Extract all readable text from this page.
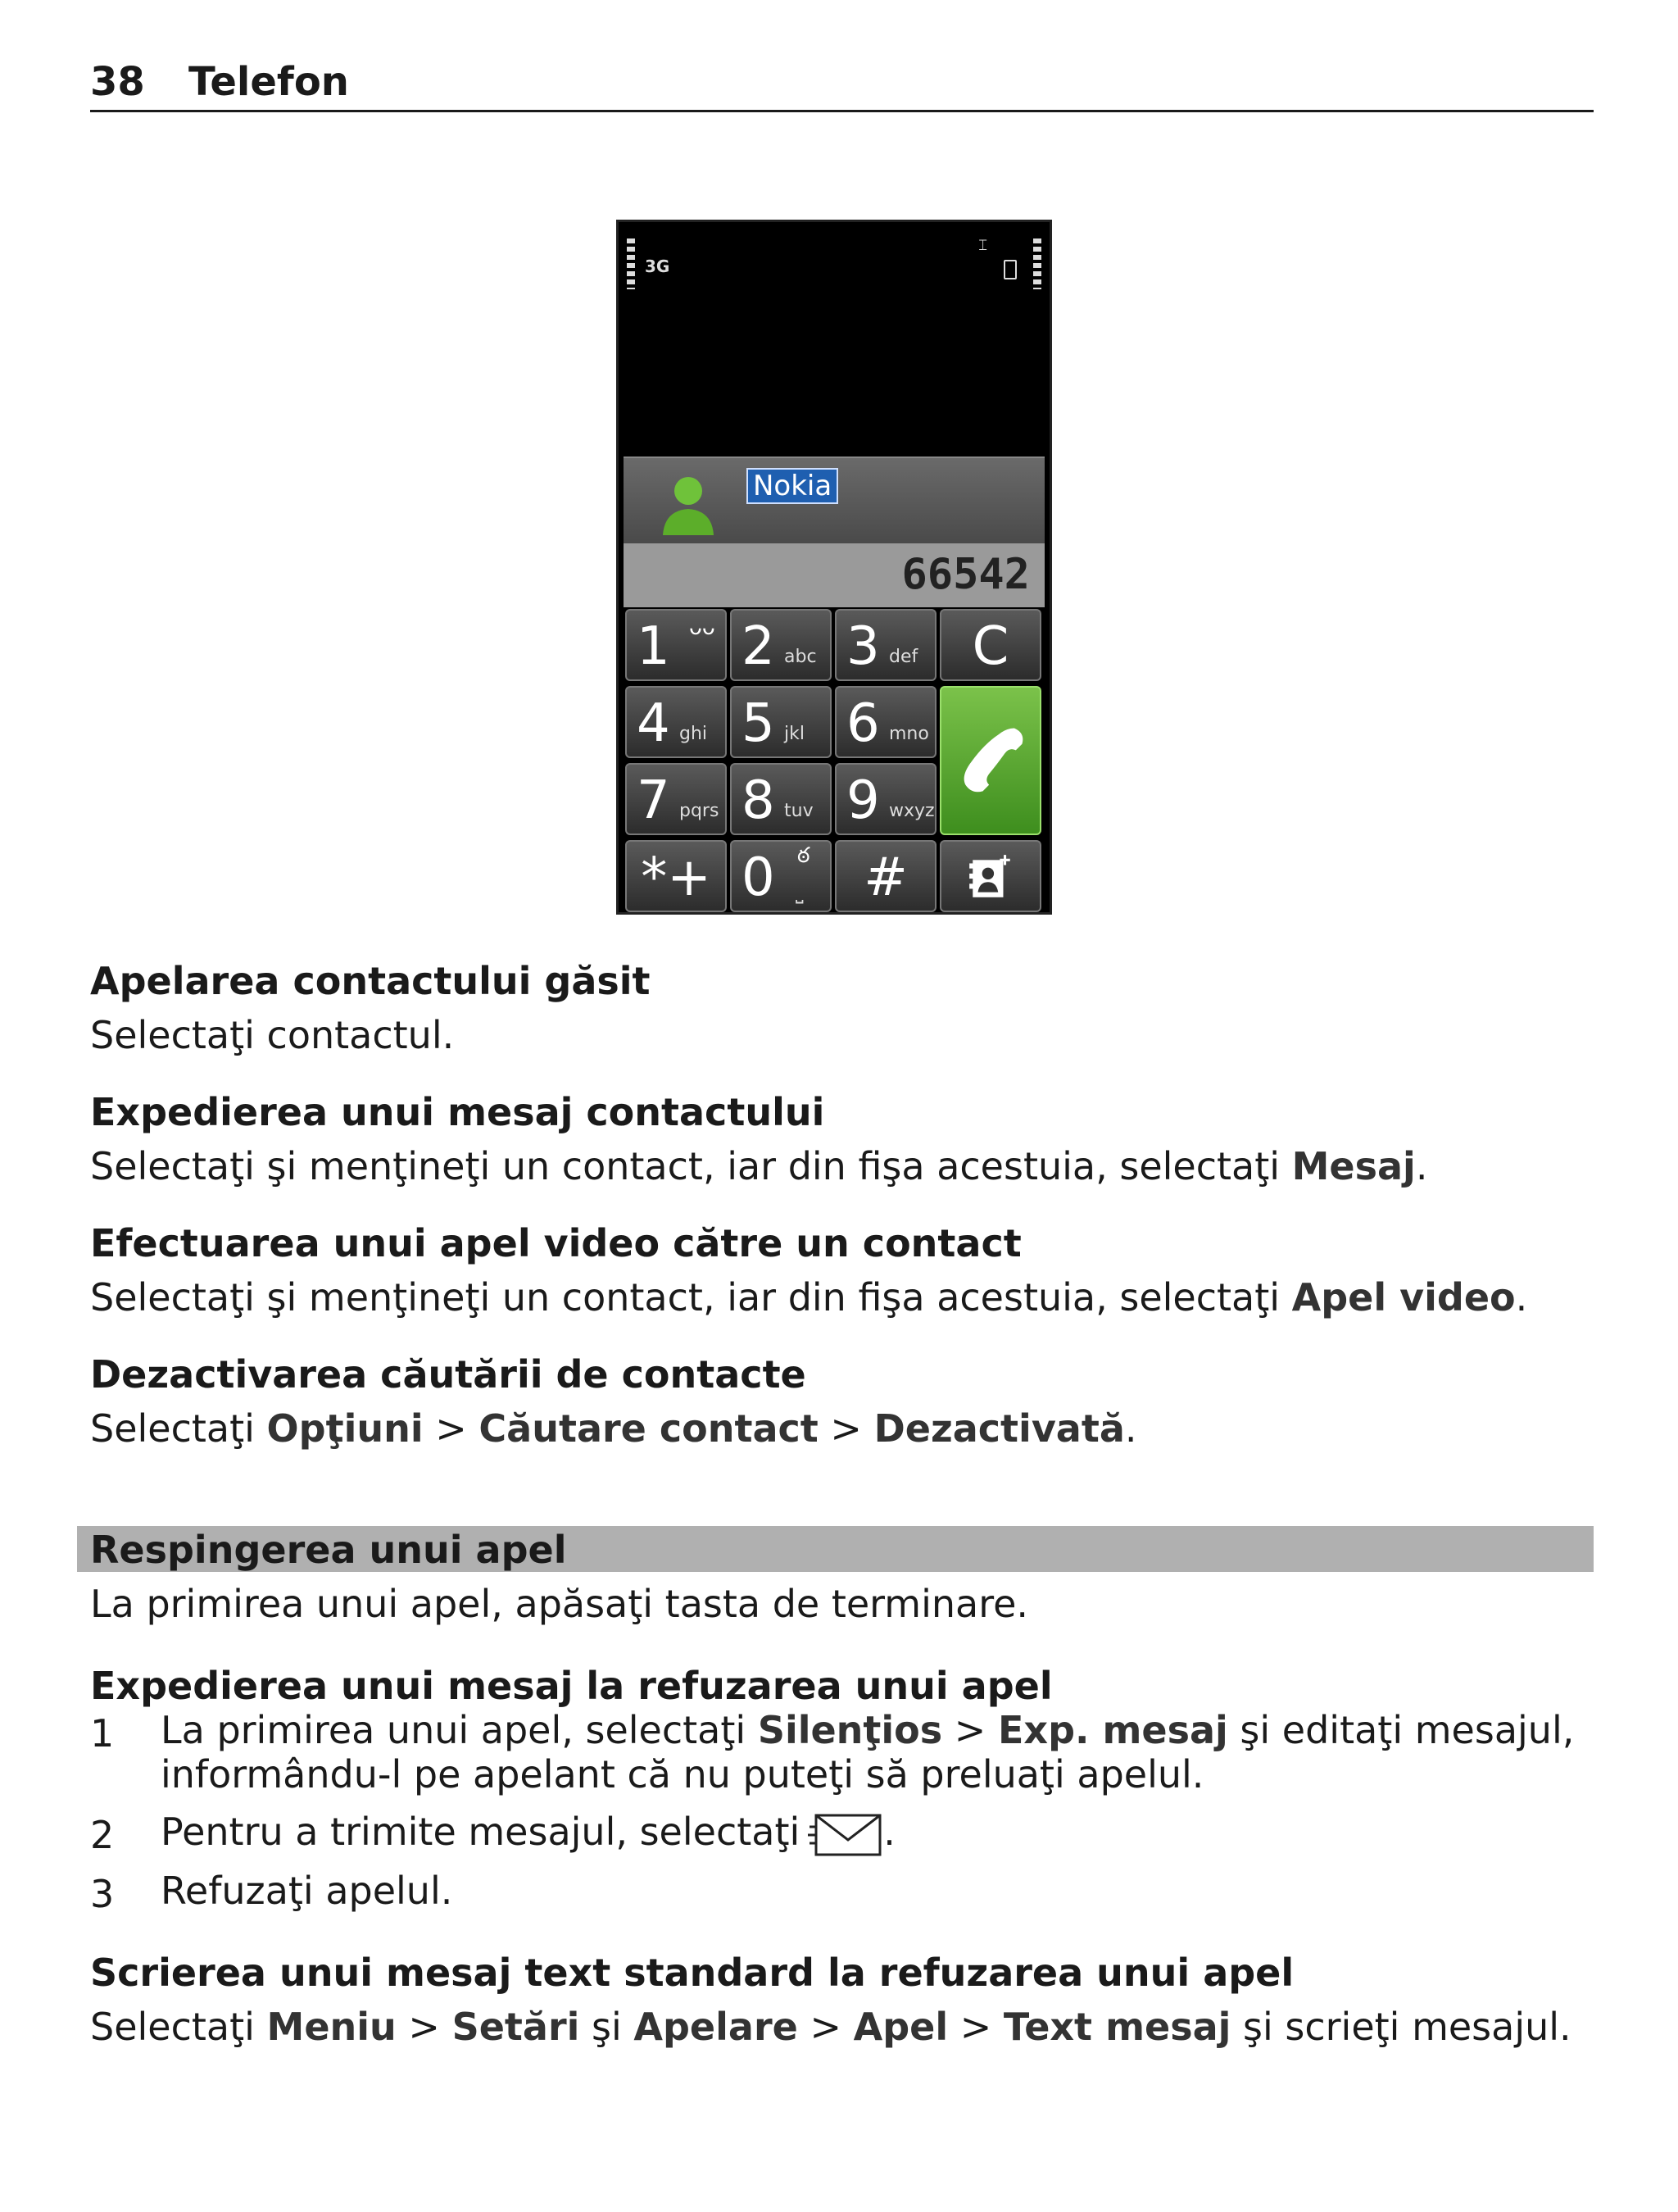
38 Telefon
3G
⌶
Nokia
66542
1 ᴗᴗ 2 abc 3 def	C
4 ghi 5 jkl 6 mno
7 pqrs 8 tuv 9 wxyz
*+ 0 ఠ
⎵	#
Apelarea contactului găsit
Selectaţi contactul.
Expedierea unui mesaj contactului
Selectaţi şi menţineţi un contact, iar din fişa acestuia, selectaţi Mesaj.
Efectuarea unui apel video către un contact
Selectaţi şi menţineţi un contact, iar din fişa acestuia, selectaţi Apel video.
Dezactivarea căutării de contacte
Selectaţi Opţiuni > Căutare contact > Dezactivată.
Respingerea unui apel
La primirea unui apel, apăsaţi tasta de terminare.
Expedierea unui mesaj la refuzarea unui apel
1 La primirea unui apel, selectaţi Silenţios > Exp. mesaj şi editaţi mesajul,
informându-l pe apelant că nu puteţi să preluaţi apelul.
2 Pentru a trimite mesajul, selectaţi .
3 Refuzaţi apelul.
Scrierea unui mesaj text standard la refuzarea unui apel
Selectaţi Meniu > Setări şi Apelare > Apel > Text mesaj şi scrieţi mesajul.
